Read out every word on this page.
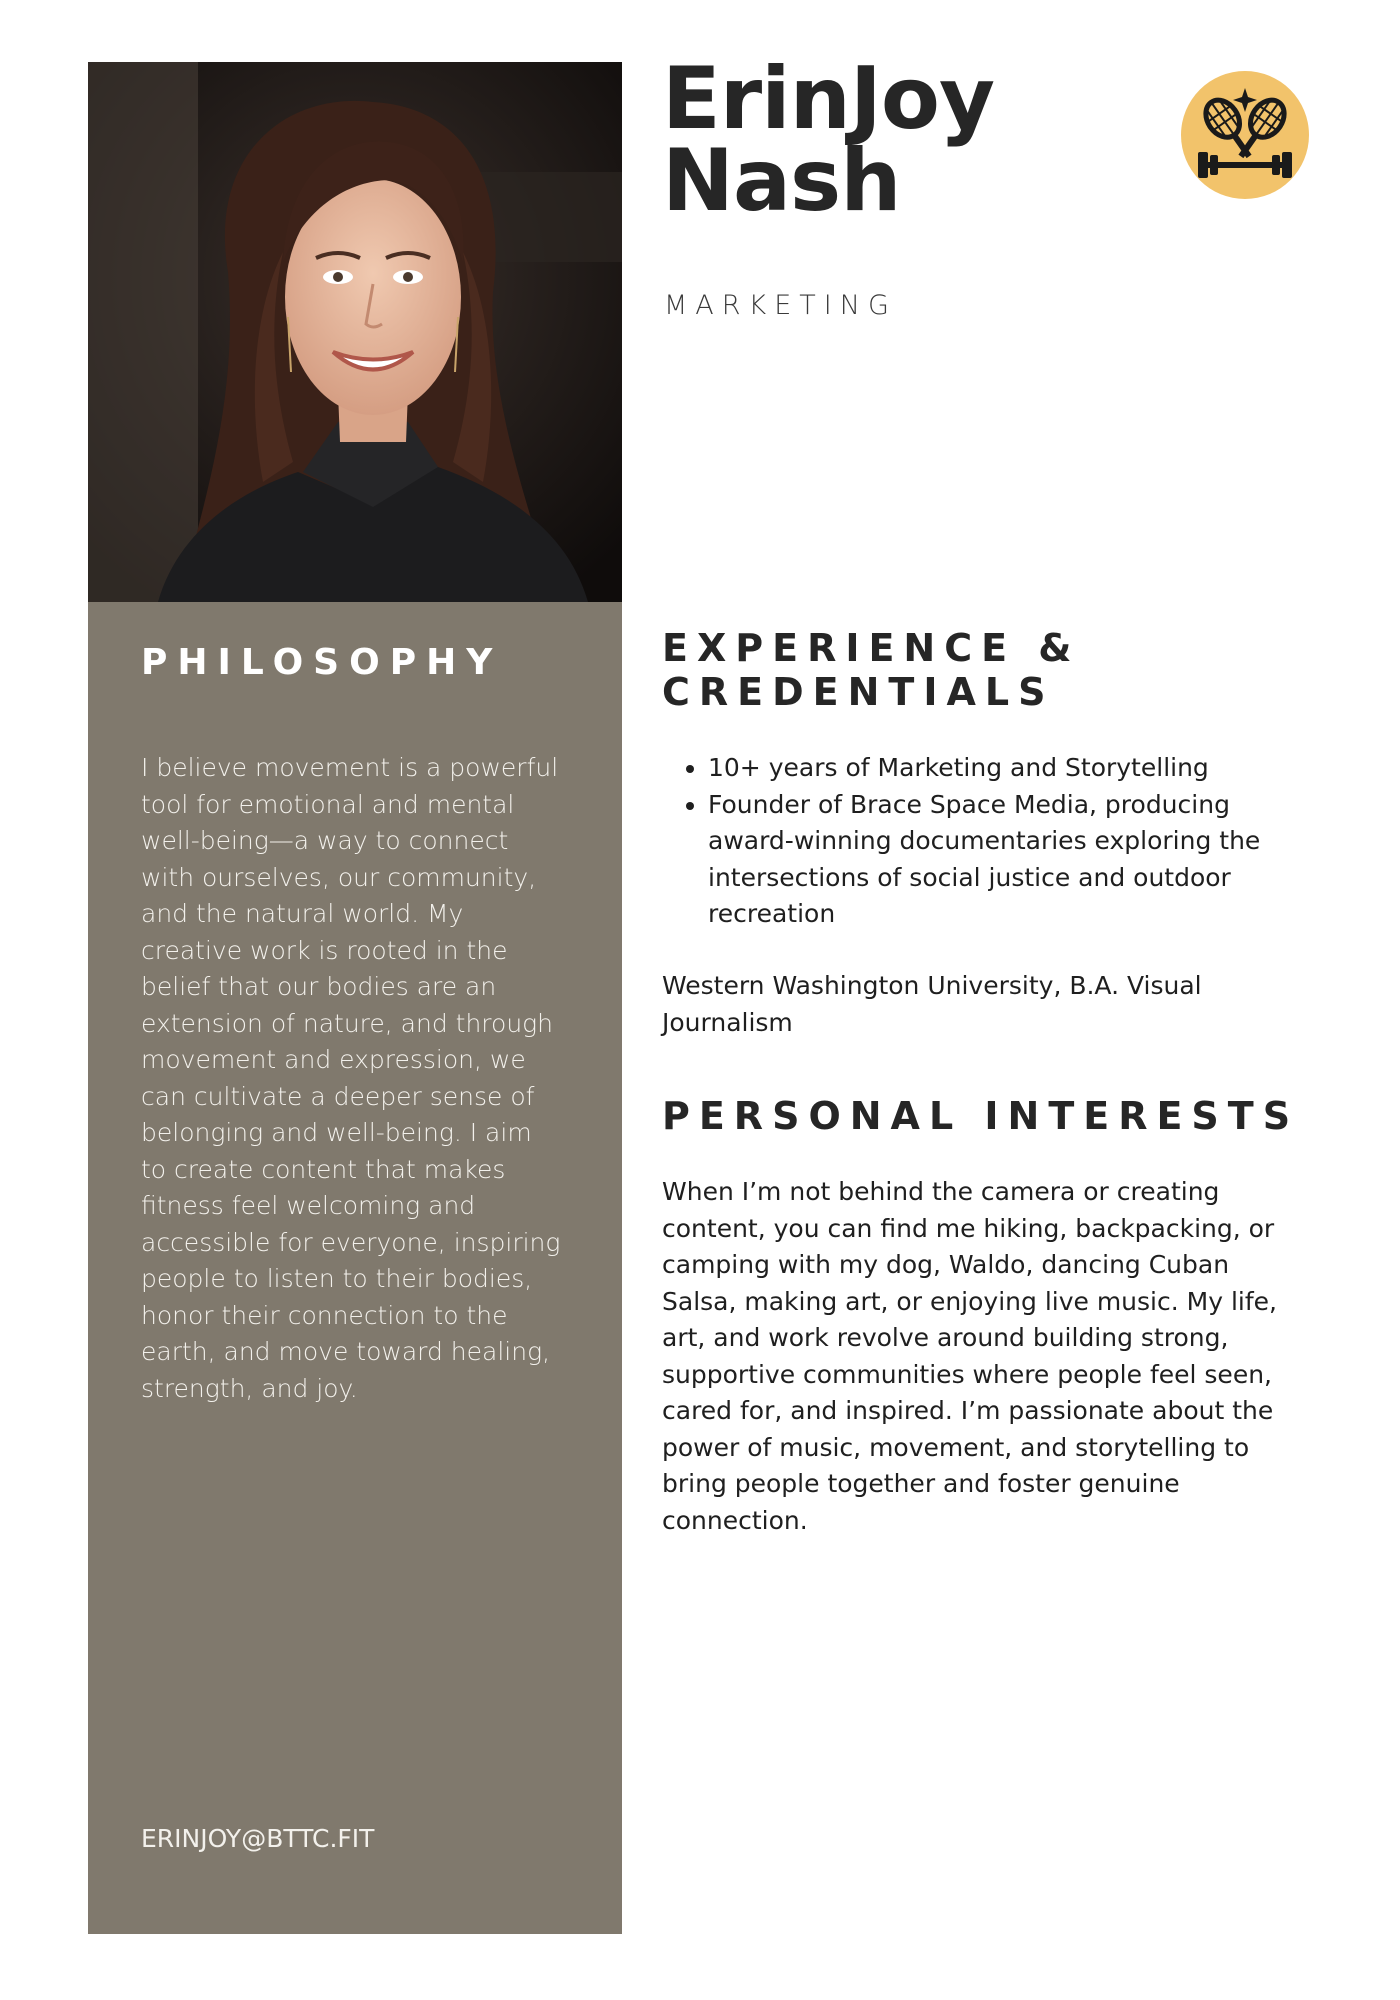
PHILOSOPHY

I believe movement is a powerful tool for emotional and mental well-being—a way to connect with ourselves, our community, and the natural world. My creative work is rooted in the belief that our bodies are an extension of nature, and through movement and expression, we can cultivate a deeper sense of belonging and well-being. I aim to create content that makes fitness feel welcoming and accessible for everyone, inspiring people to listen to their bodies, honor their connection to the earth, and move toward healing, strength, and joy.

ERINJOY@BTTC.FIT

ErinJoy
Nash

MARKETING

EXPERIENCE & CREDENTIALS
• 10+ years of Marketing and Storytelling
• Founder of Brace Space Media, producing award-winning documentaries exploring the intersections of social justice and outdoor recreation

Western Washington University, B.A. Visual Journalism

PERSONAL INTERESTS

When I’m not behind the camera or creating content, you can find me hiking, backpacking, or camping with my dog, Waldo, dancing Cuban Salsa, making art, or enjoying live music. My life, art, and work revolve around building strong, supportive communities where people feel seen, cared for, and inspired. I’m passionate about the power of music, movement, and storytelling to bring people together and foster genuine connection.
